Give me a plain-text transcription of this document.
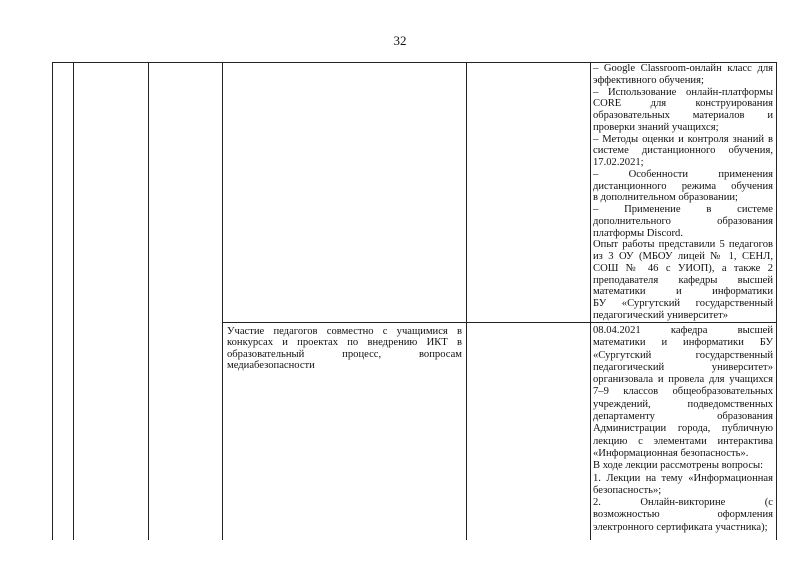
32
Участие педагогов совместно с учащимися в
конкурсах и проектах по внедрению ИКТ в
образовательный процесс, вопросам
медиабезопасности
– Google Classroom-онлайн класс для
эффективного обучения;
– Использование онлайн-платформы
CORE для конструирования
образовательных материалов и
проверки знаний учащихся;
– Методы оценки и контроля знаний в
системе дистанционного обучения,
17.02.2021;
– Особенности применения
дистанционного режима обучения
в дополнительном образовании;
– Применение в системе
дополнительного образования
платформы Discord.
Опыт работы представили 5 педагогов
из 3 ОУ (МБОУ лицей № 1, СЕНЛ,
СОШ № 46 с УИОП), а также 2
преподавателя кафедры высшей
математики и информатики
БУ «Сургутский государственный
педагогический университет»
08.04.2021 кафедра высшей
математики и информатики БУ
«Сургутский государственный
педагогический университет»
организовала и провела для учащихся
7–9 классов общеобразовательных
учреждений, подведомственных
департаменту образования
Администрации города, публичную
лекцию с элементами интерактива
«Информационная безопасность».
В ходе лекции рассмотрены вопросы:
1. Лекции на тему «Информационная
безопасность»;
2. Онлайн-викторине (с
возможностью оформления
электронного сертификата участника);
